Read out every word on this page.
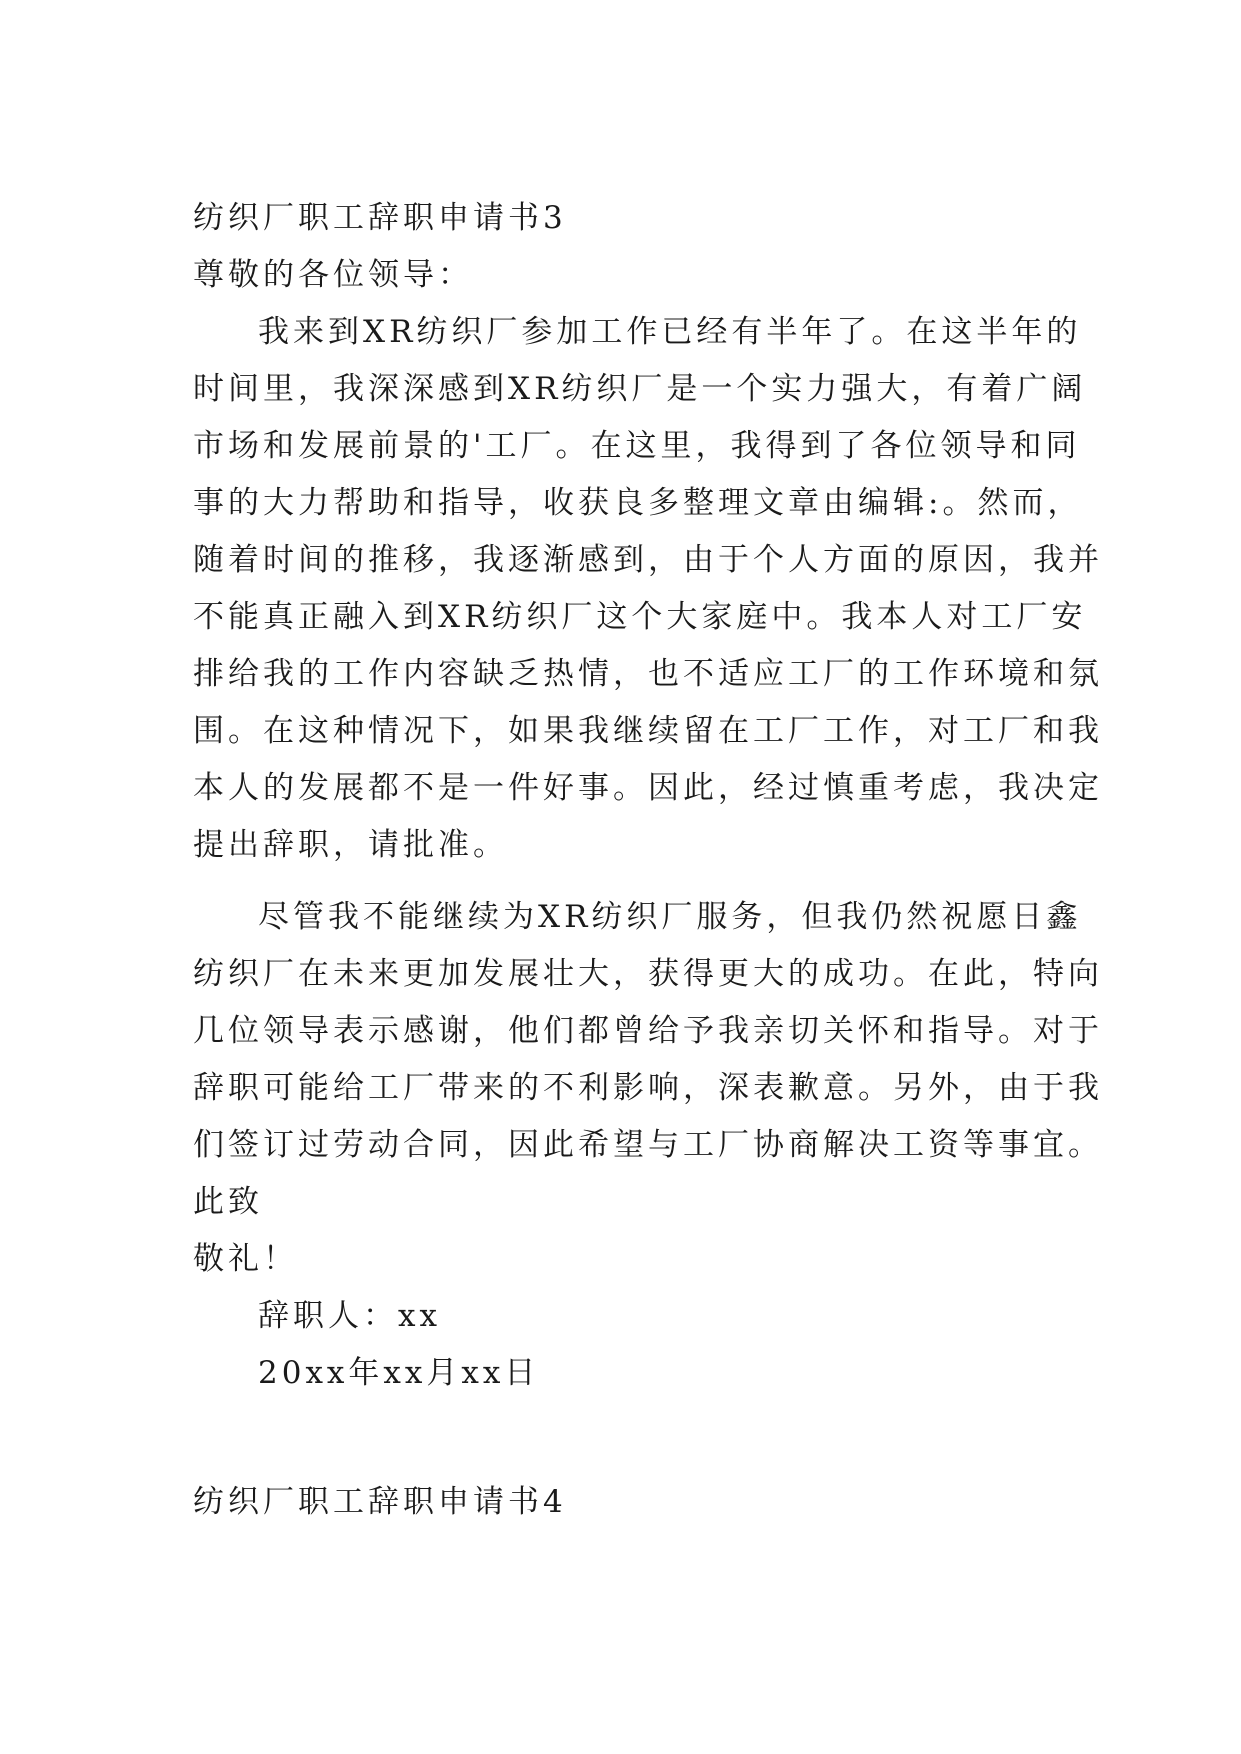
纺织厂职工辞职申请书3
尊敬的各位领导：
我来到XR纺织厂参加工作已经有半年了。在这半年的
时间里，我深深感到XR纺织厂是一个实力强大，有着广阔
市场和发展前景的'工厂。在这里，我得到了各位领导和同
事的大力帮助和指导，收获良多整理文章由编辑:。然而，
随着时间的推移，我逐渐感到，由于个人方面的原因，我并
不能真正融入到XR纺织厂这个大家庭中。我本人对工厂安
排给我的工作内容缺乏热情，也不适应工厂的工作环境和氛
围。在这种情况下，如果我继续留在工厂工作，对工厂和我
本人的发展都不是一件好事。因此，经过慎重考虑，我决定
提出辞职，请批准。
尽管我不能继续为XR纺织厂服务，但我仍然祝愿日鑫
纺织厂在未来更加发展壮大，获得更大的成功。在此，特向
几位领导表示感谢，他们都曾给予我亲切关怀和指导。对于
辞职可能给工厂带来的不利影响，深表歉意。另外，由于我
们签订过劳动合同，因此希望与工厂协商解决工资等事宜。
此致
敬礼！
辞职人：xx
20xx年xx月xx日
纺织厂职工辞职申请书4
